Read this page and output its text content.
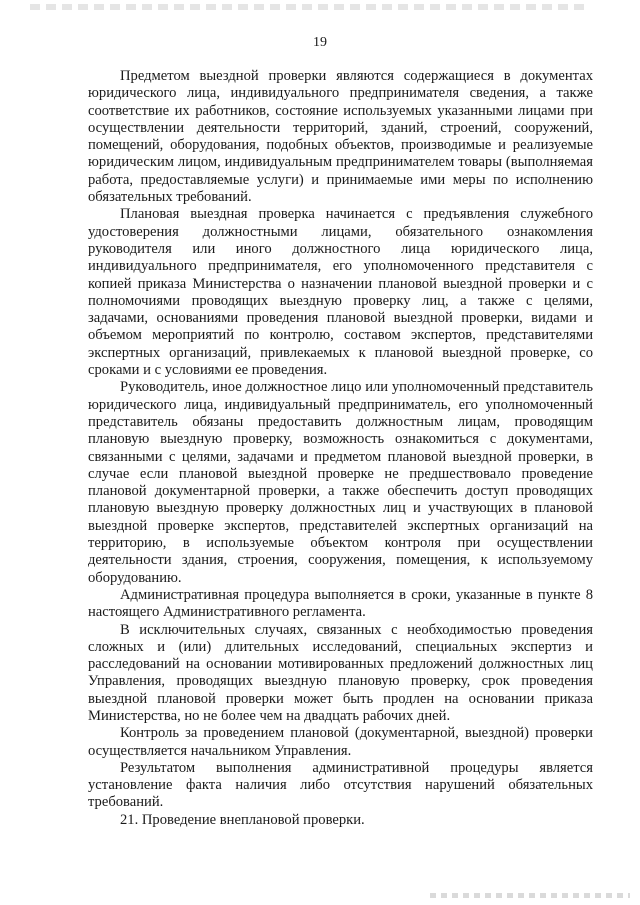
19

Предметом выездной проверки являются содержащиеся в документах юридического лица, индивидуального предпринимателя сведения, а также соответствие их работников, состояние используемых указанными лицами при осуществлении деятельности территорий, зданий, строений, сооружений, помещений, оборудования, подобных объектов, производимые и реализуемые юридическим лицом, индивидуальным предпринимателем товары (выполняемая работа, предоставляемые услуги) и принимаемые ими меры по исполнению обязательных требований.

Плановая выездная проверка начинается с предъявления служебного удостоверения должностными лицами, обязательного ознакомления руководителя или иного должностного лица юридического лица, индивидуального предпринимателя, его уполномоченного представителя с копией приказа Министерства о назначении плановой выездной проверки и с полномочиями проводящих выездную проверку лиц, а также с целями, задачами, основаниями проведения плановой выездной проверки, видами и объемом мероприятий по контролю, составом экспертов, представителями экспертных организаций, привлекаемых к плановой выездной проверке, со сроками и с условиями ее проведения.

Руководитель, иное должностное лицо или уполномоченный представитель юридического лица, индивидуальный предприниматель, его уполномоченный представитель обязаны предоставить должностным лицам, проводящим плановую выездную проверку, возможность ознакомиться с документами, связанными с целями, задачами и предметом плановой выездной проверки, в случае если плановой выездной проверке не предшествовало проведение плановой документарной проверки, а также обеспечить доступ проводящих плановую выездную проверку должностных лиц и участвующих в плановой выездной проверке экспертов, представителей экспертных организаций на территорию, в используемые объектом контроля при осуществлении деятельности здания, строения, сооружения, помещения, к используемому оборудованию.

Административная процедура выполняется в сроки, указанные в пункте 8 настоящего Административного регламента.

В исключительных случаях, связанных с необходимостью проведения сложных и (или) длительных исследований, специальных экспертиз и расследований на основании мотивированных предложений должностных лиц Управления, проводящих выездную плановую проверку, срок проведения выездной плановой проверки может быть продлен на основании приказа Министерства, но не более чем на двадцать рабочих дней.

Контроль за проведением плановой (документарной, выездной) проверки осуществляется начальником Управления.

Результатом выполнения административной процедуры является установление факта наличия либо отсутствия нарушений обязательных требований.

21. Проведение внеплановой проверки.
